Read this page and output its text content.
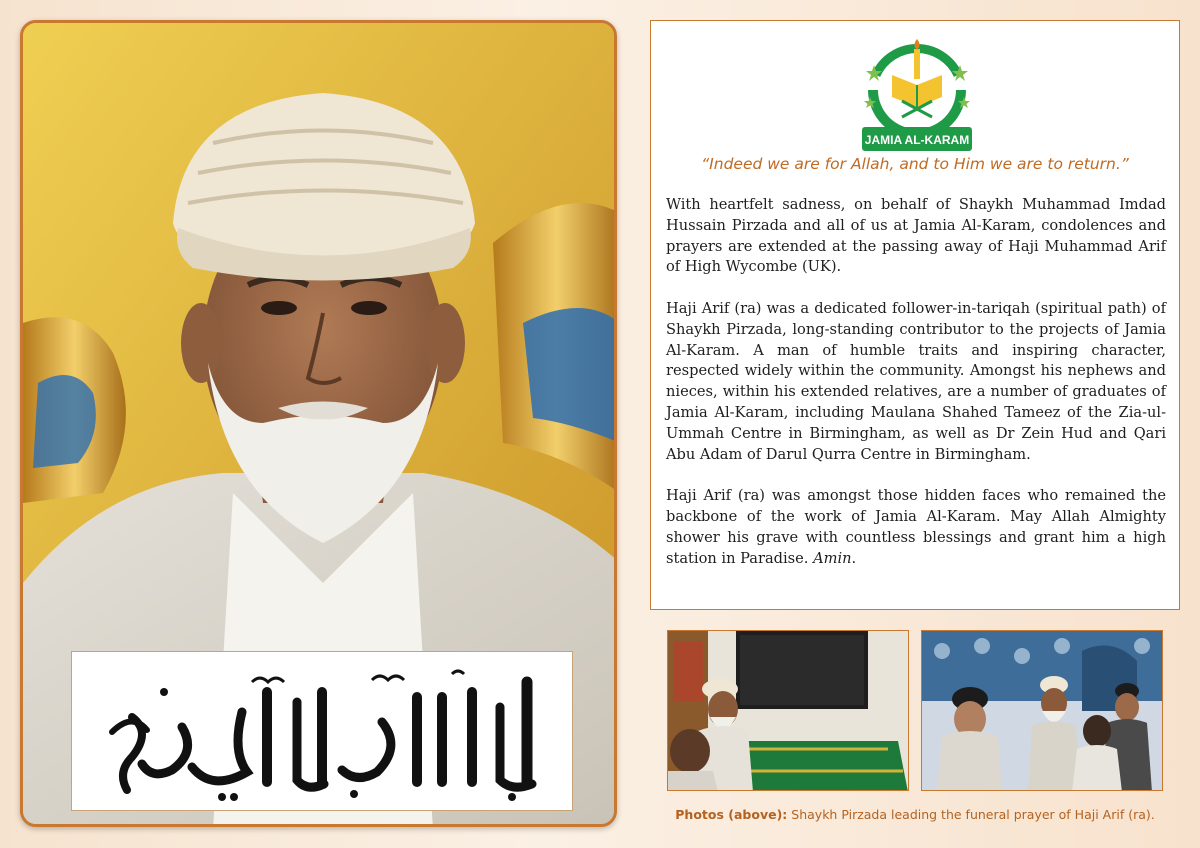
JAMIA AL-KARAM

“Indeed we are for Allah, and to Him we are to return.”

With heartfelt sadness, on behalf of Shaykh Muhammad Imdad Hussain Pirzada and all of us at Jamia Al-Karam, condolences and prayers are extended at the passing away of Haji Muhammad Arif of High Wycombe (UK).

Haji Arif (ra) was a dedicated follower-in-tariqah (spiritual path) of Shaykh Pirzada, long-standing contributor to the projects of Jamia Al-Karam. A man of humble traits and inspiring character, respected widely within the community. Amongst his nephews and nieces, within his extended relatives, are a number of graduates of Jamia Al-Karam, including Maulana Shahed Tameez of the Zia-ul-Ummah Centre in Birmingham, as well as Dr Zein Hud and Qari Abu Adam of Darul Qurra Centre in Birmingham.

Haji Arif (ra) was amongst those hidden faces who remained the backbone of the work of Jamia Al-Karam. May Allah Almighty shower his grave with countless blessings and grant him a high station in Paradise. Amin.

Photos (above): Shaykh Pirzada leading the funeral prayer of Haji Arif (ra).
